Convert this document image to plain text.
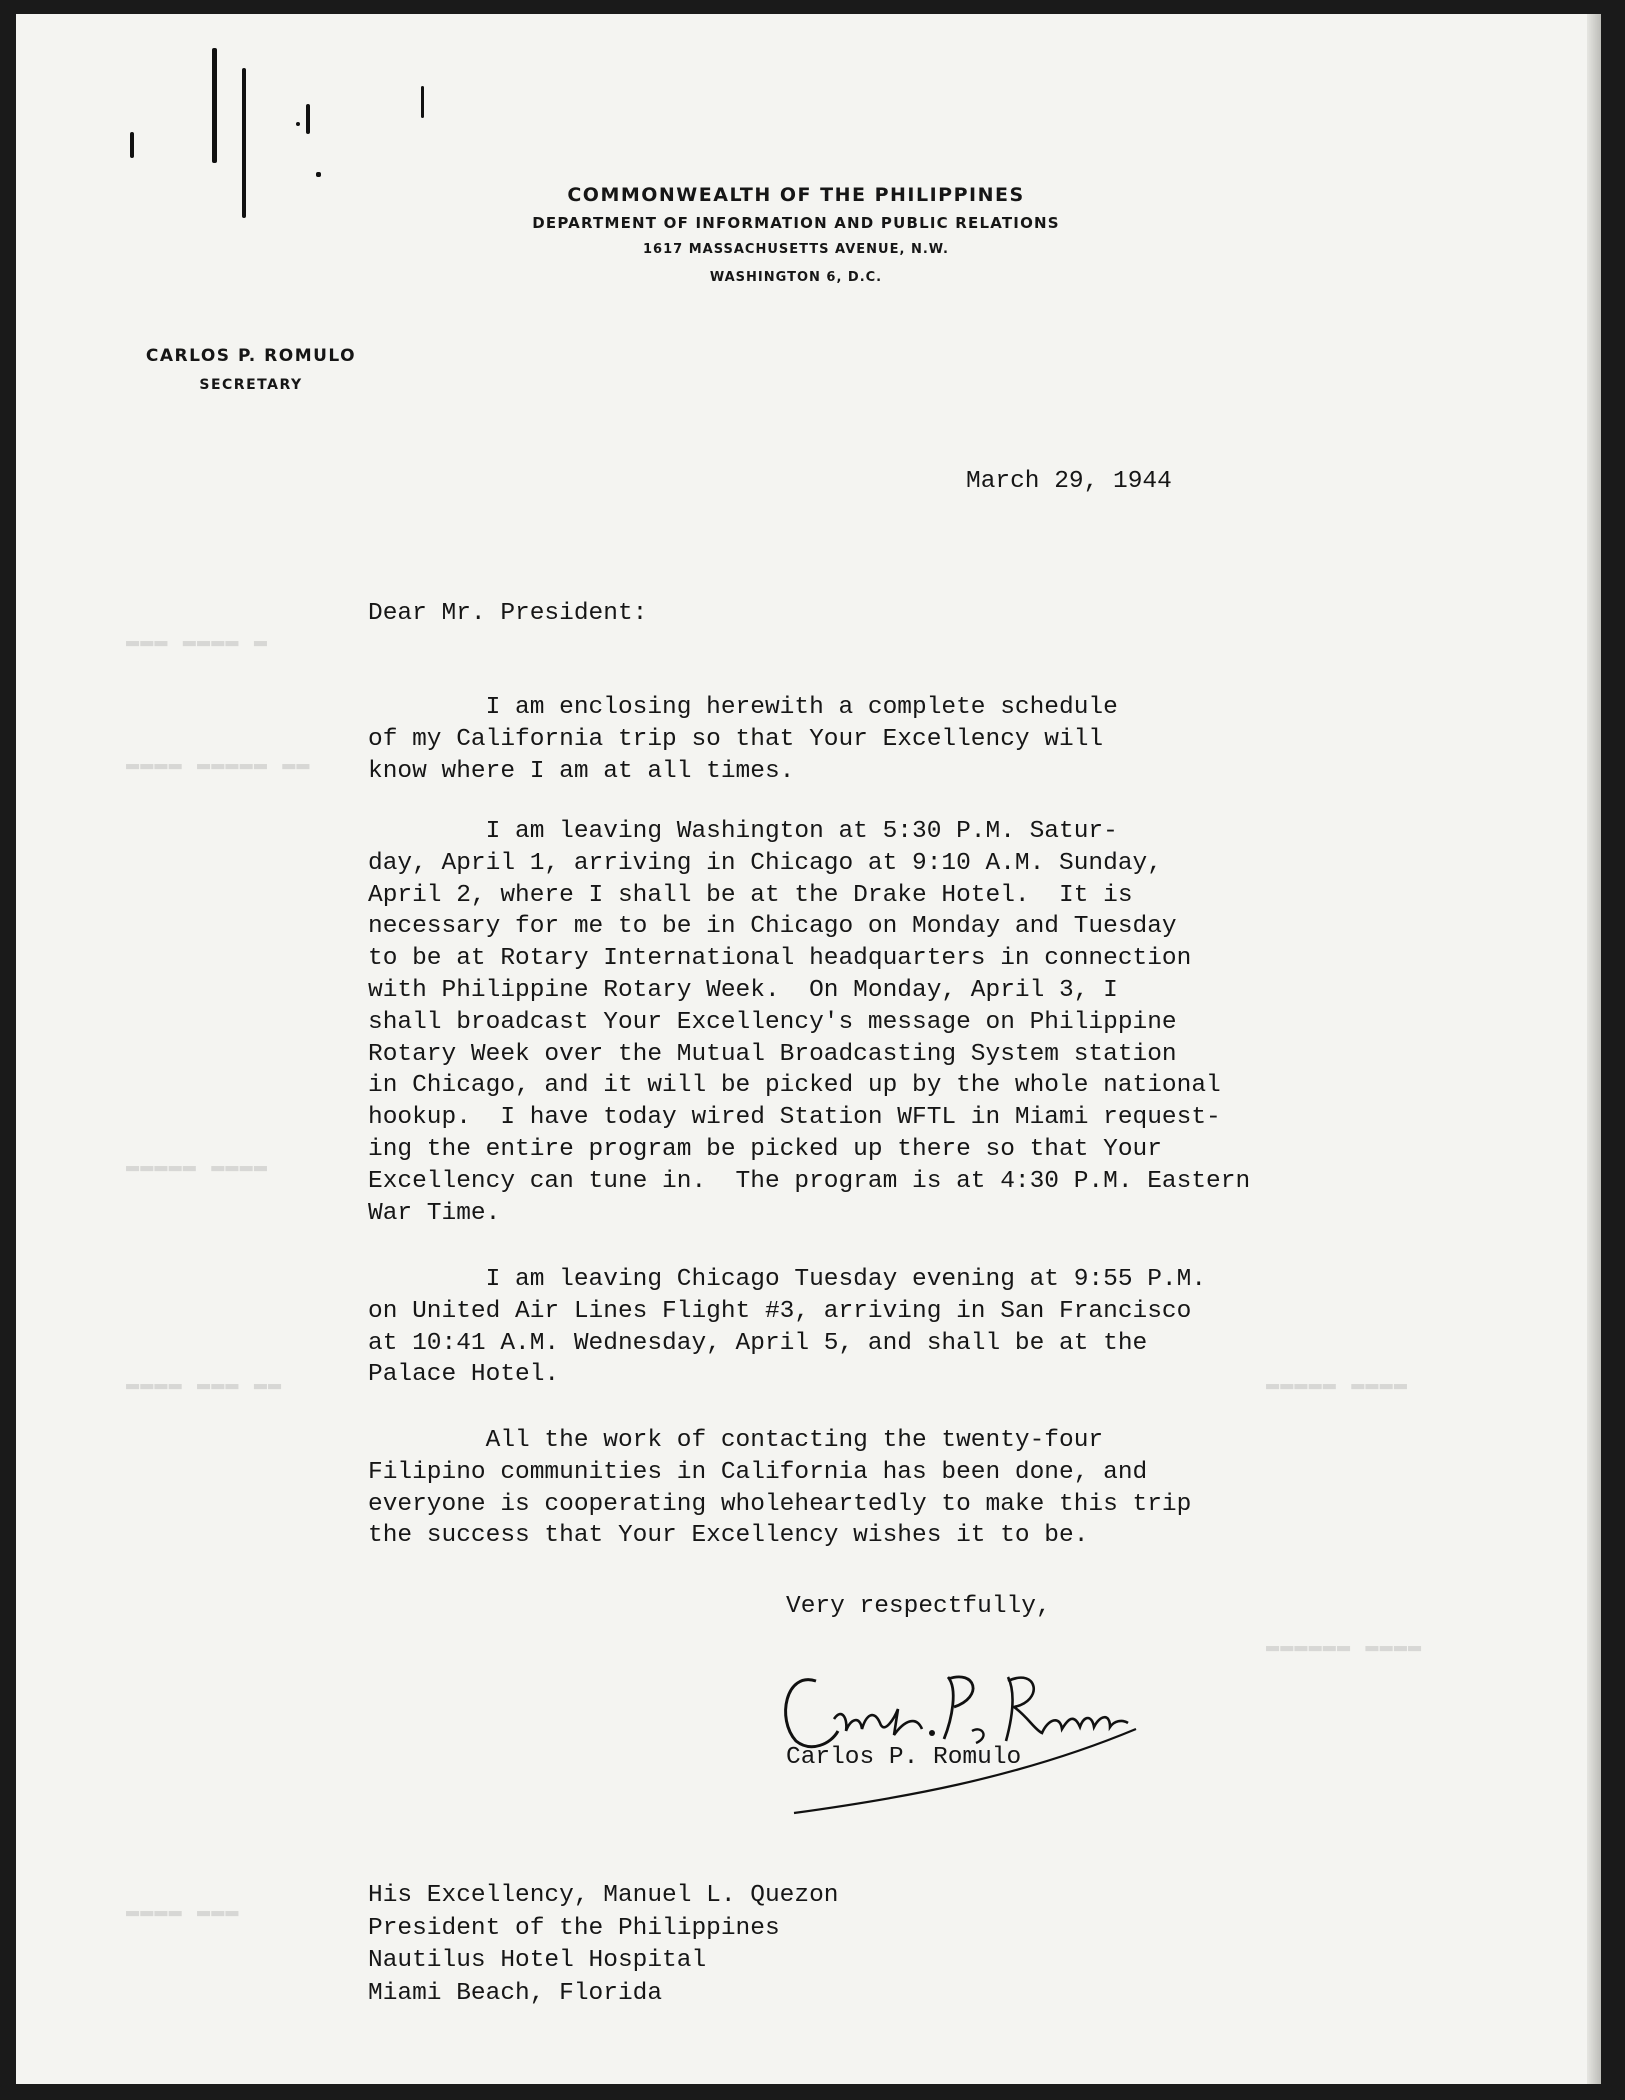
▬▬▬ ▬▬▬▬ ▬
▬▬▬▬ ▬▬▬▬▬ ▬▬
▬▬▬▬▬ ▬▬▬▬
▬▬▬▬ ▬▬▬ ▬▬	▬▬▬▬▬ ▬▬▬▬
▬▬▬▬▬▬ ▬▬▬▬
▬▬▬▬ ▬▬▬
COMMONWEALTH OF THE PHILIPPINES
DEPARTMENT OF INFORMATION AND PUBLIC RELATIONS
1617 MASSACHUSETTS AVENUE, N.W.
WASHINGTON 6, D.C.
CARLOS P. ROMULO
SECRETARY
March 29, 1944
Dear Mr. President:
I am enclosing herewith a complete schedule
of my California trip so that Your Excellency will
know where I am at all times.
I am leaving Washington at 5:30 P.M. Satur-
day, April 1, arriving in Chicago at 9:10 A.M. Sunday,
April 2, where I shall be at the Drake Hotel.  It is
necessary for me to be in Chicago on Monday and Tuesday
to be at Rotary International headquarters in connection
with Philippine Rotary Week.  On Monday, April 3, I
shall broadcast Your Excellency's message on Philippine
Rotary Week over the Mutual Broadcasting System station
in Chicago, and it will be picked up by the whole national
hookup.  I have today wired Station WFTL in Miami request-
ing the entire program be picked up there so that Your
Excellency can tune in.  The program is at 4:30 P.M. Eastern
War Time.
I am leaving Chicago Tuesday evening at 9:55 P.M.
on United Air Lines Flight #3, arriving in San Francisco
at 10:41 A.M. Wednesday, April 5, and shall be at the
Palace Hotel.
All the work of contacting the twenty-four
Filipino communities in California has been done, and
everyone is cooperating wholeheartedly to make this trip
the success that Your Excellency wishes it to be.
Very respectfully,
Carlos P. Romulo
His Excellency, Manuel L. Quezon
President of the Philippines
Nautilus Hotel Hospital
Miami Beach, Florida
